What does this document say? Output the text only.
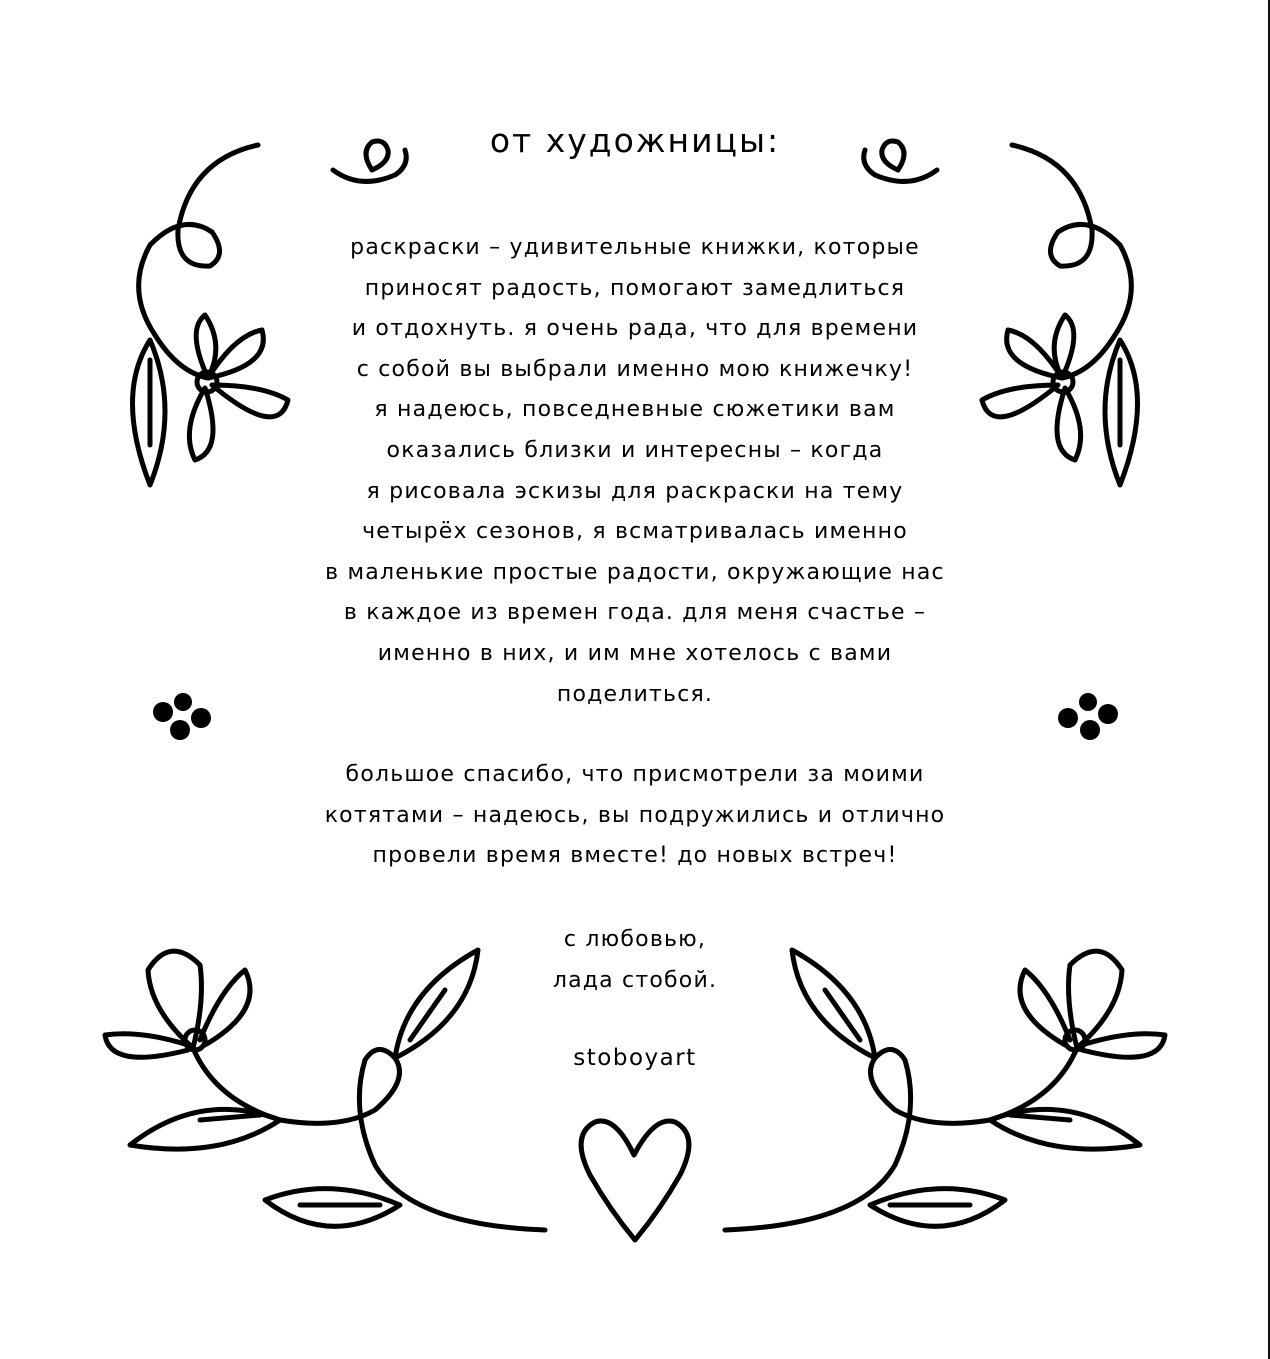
от художницы:
раскраски – удивительные книжки, которые
приносят радость, помогают замедлиться
и отдохнуть. я очень рада, что для времени
с собой вы выбрали именно мою книжечку!
я надеюсь, повседневные сюжетики вам
оказались близки и интересны – когда
я рисовала эскизы для раскраски на тему
четырёх сезонов, я всматривалась именно
в маленькие простые радости, окружающие нас
в каждое из времен года. для меня счастье –
именно в них, и им мне хотелось с вами
поделиться.
большое спасибо, что присмотрели за моими
котятами – надеюсь, вы подружились и отлично
провели время вместе! до новых встреч!
с любовью,
лада стобой.
stoboyart
